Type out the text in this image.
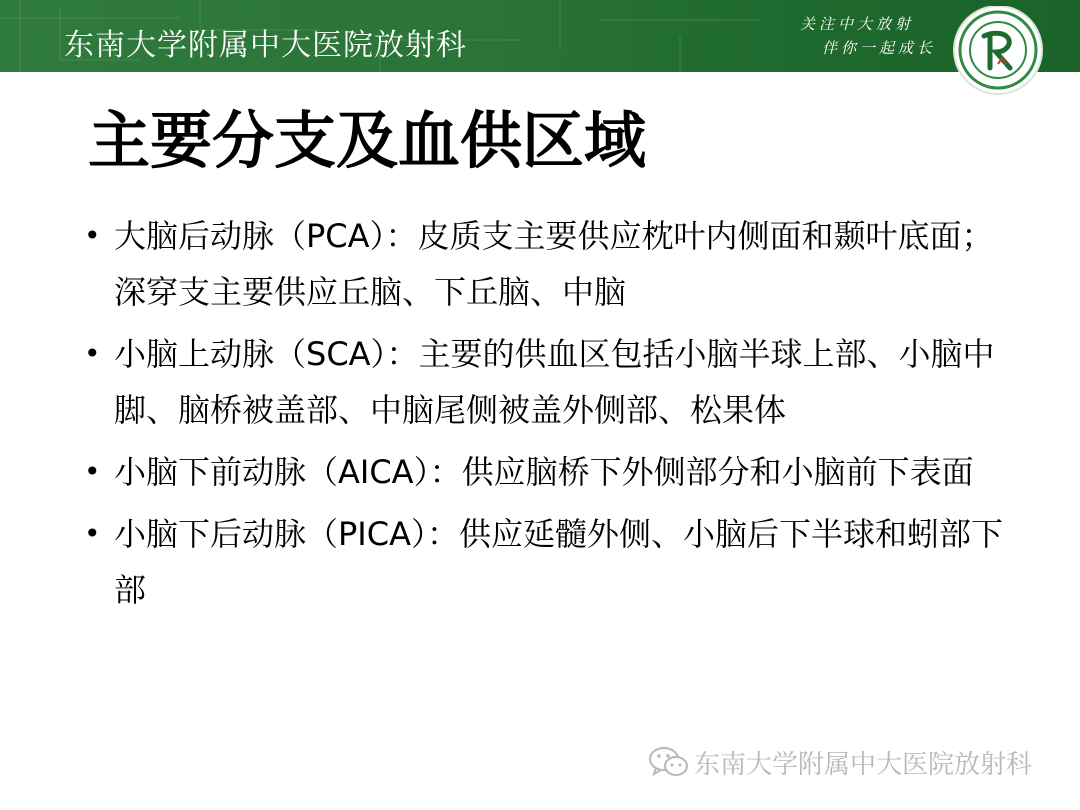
东南大学附属中大医院放射科
关注中大放射
伴你一起成长
主要分支及血供区域
• 大脑后动脉（PCA）：皮质支主要供应枕叶内侧面和颞叶底面；深穿支主要供应丘脑、下丘脑、中脑
• 小脑上动脉（SCA）：主要的供血区包括小脑半球上部、小脑中脚、脑桥被盖部、中脑尾侧被盖外侧部、松果体
• 小脑下前动脉（AICA）：供应脑桥下外侧部分和小脑前下表面
• 小脑下后动脉（PICA）：供应延髓外侧、小脑后下半球和蚓部下部
东南大学附属中大医院放射科
